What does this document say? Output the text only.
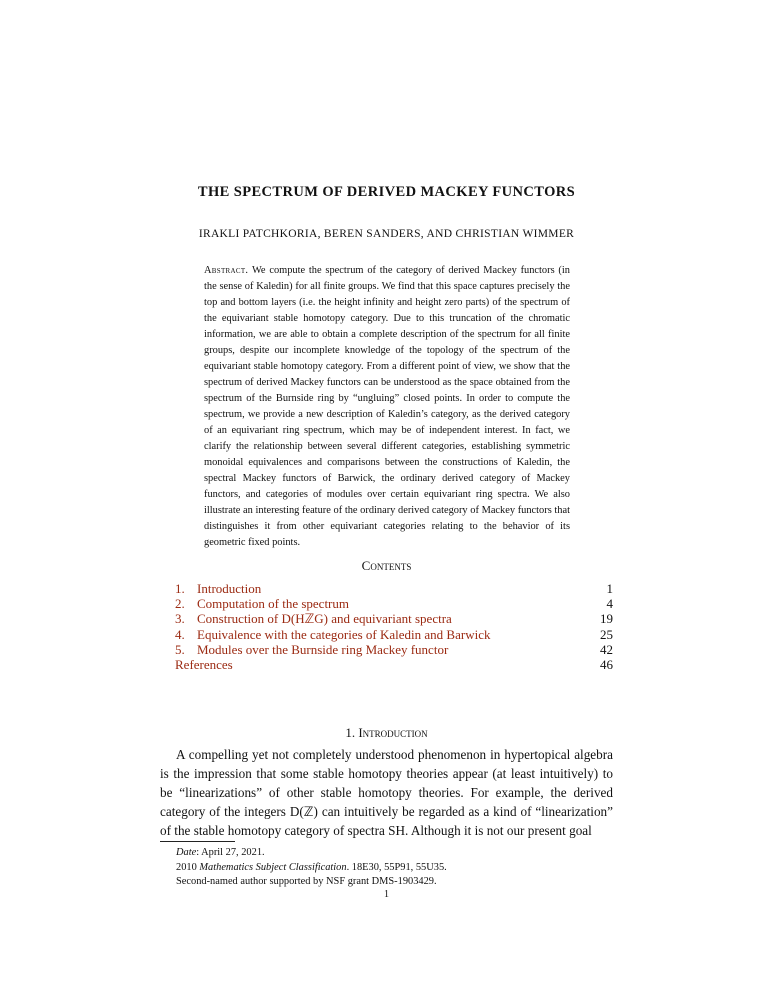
THE SPECTRUM OF DERIVED MACKEY FUNCTORS
IRAKLI PATCHKORIA, BEREN SANDERS, AND CHRISTIAN WIMMER
Abstract. We compute the spectrum of the category of derived Mackey functors (in the sense of Kaledin) for all finite groups. We find that this space captures precisely the top and bottom layers (i.e. the height infinity and height zero parts) of the spectrum of the equivariant stable homotopy category. Due to this truncation of the chromatic information, we are able to obtain a complete description of the spectrum for all finite groups, despite our incomplete knowledge of the topology of the spectrum of the equivariant stable homotopy category. From a different point of view, we show that the spectrum of derived Mackey functors can be understood as the space obtained from the spectrum of the Burnside ring by “ungluing” closed points. In order to compute the spectrum, we provide a new description of Kaledin’s category, as the derived category of an equivariant ring spectrum, which may be of independent interest. In fact, we clarify the relationship between several different categories, establishing symmetric monoidal equivalences and comparisons between the constructions of Kaledin, the spectral Mackey functors of Barwick, the ordinary derived category of Mackey functors, and categories of modules over certain equivariant ring spectra. We also illustrate an interesting feature of the ordinary derived category of Mackey functors that distinguishes it from other equivariant categories relating to the behavior of its geometric fixed points.
Contents
1. Introduction	1
2. Computation of the spectrum	4
3. Construction of D(HℤG) and equivariant spectra	19
4. Equivalence with the categories of Kaledin and Barwick	25
5. Modules over the Burnside ring Mackey functor	42
References	46
1. Introduction

A compelling yet not completely understood phenomenon in hypertopical algebra is the impression that some stable homotopy theories appear (at least intuitively) to be “linearizations” of other stable homotopy theories. For example, the derived category of the integers D(ℤ) can intuitively be regarded as a kind of “linearization” of the stable homotopy category of spectra SH. Although it is not our present goal

Date: April 27, 2021.
2010 Mathematics Subject Classification. 18E30, 55P91, 55U35.
Second-named author supported by NSF grant DMS-1903429.
1
